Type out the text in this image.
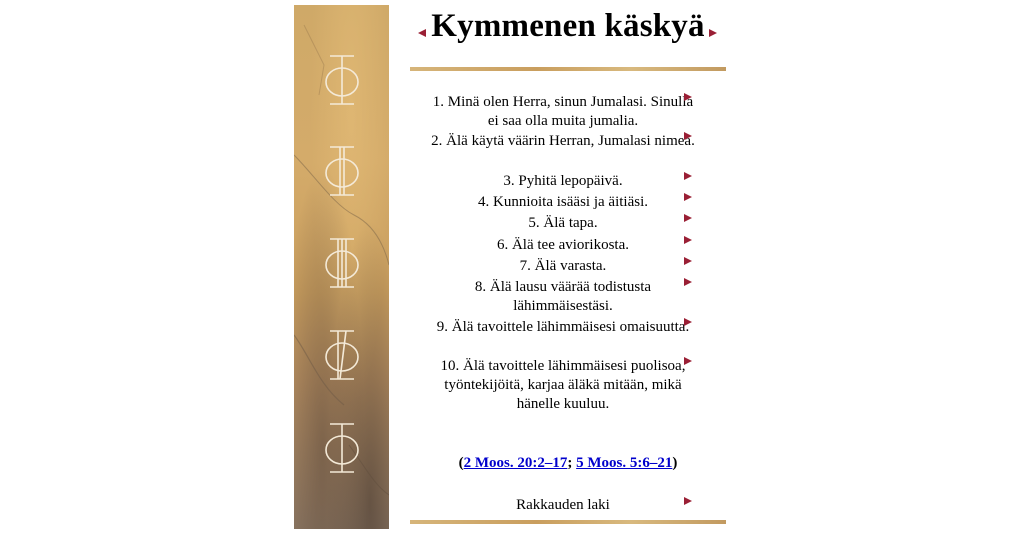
Kymmenen käskyä
1. Minä olen Herra, sinun Jumalasi. Sinulla ei saa olla muita jumalia.
2. Älä käytä väärin Herran, Jumalasi nimeä.
3. Pyhitä lepopäivä.
4. Kunnioita isääsi ja äitiäsi.
5. Älä tapa.
6. Älä tee aviorikosta.
7. Älä varasta.
8. Älä lausu väärää todistusta lähimmäisestäsi.
9. Älä tavoittele lähimmäisesi omaisuutta.
10. Älä tavoittele lähimmäisesi puolisoa, työntekijöitä, karjaa äläkä mitään, mikä hänelle kuuluu.
(2 Moos. 20:2–17; 5 Moos. 5:6–21)
Rakkauden laki
